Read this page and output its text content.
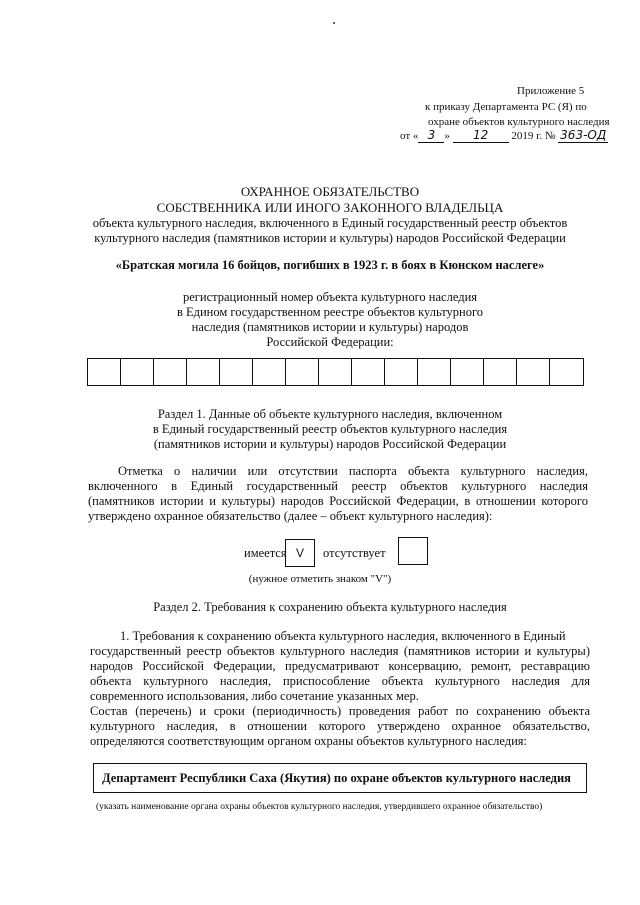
Приложение 5
к приказу Департамента РС (Я) по
охране объектов культурного наследия
от « 3 » 12 2019 г. № 363-ОД
ОХРАННОЕ ОБЯЗАТЕЛЬСТВО
СОБСТВЕННИКА ИЛИ ИНОГО ЗАКОННОГО ВЛАДЕЛЬЦА
объекта культурного наследия, включенного в Единый государственный реестр объектов
культурного наследия (памятников истории и культуры) народов Российской Федерации
«Братская могила 16 бойцов, погибших в 1923 г. в боях в Кюнском наслеге»
регистрационный номер объекта культурного наследия
в Едином государственном реестре объектов культурного
наследия (памятников истории и культуры) народов
Российской Федерации:
Раздел 1. Данные об объекте культурного наследия, включенном
в Единый государственный реестр объектов культурного наследия
(памятников истории и культуры) народов Российской Федерации
Отметка о наличии или отсутствии паспорта объекта культурного наследия,
включенного в Единый государственный реестр объектов культурного наследия
(памятников истории и культуры) народов Российской Федерации, в отношении которого
утверждено охранное обязательство (далее – объект культурного наследия):
имеется V	отсутствует
(нужное отметить знаком "V")
Раздел 2. Требования к сохранению объекта культурного наследия
1. Требования к сохранению объекта культурного наследия, включенного в Единый
государственный реестр объектов культурного наследия (памятников истории и культуры)
народов Российской Федерации, предусматривают консервацию, ремонт, реставрацию
объекта культурного наследия, приспособление объекта культурного наследия для
современного использования, либо сочетание указанных мер.
Состав (перечень) и сроки (периодичность) проведения работ по сохранению объекта
культурного наследия, в отношении которого утверждено охранное обязательство,
определяются соответствующим органом охраны объектов культурного наследия:
Департамент Республики Саха (Якутия) по охране объектов культурного наследия
(указать наименование органа охраны объектов культурного наследия, утвердившего охранное обязательство)
